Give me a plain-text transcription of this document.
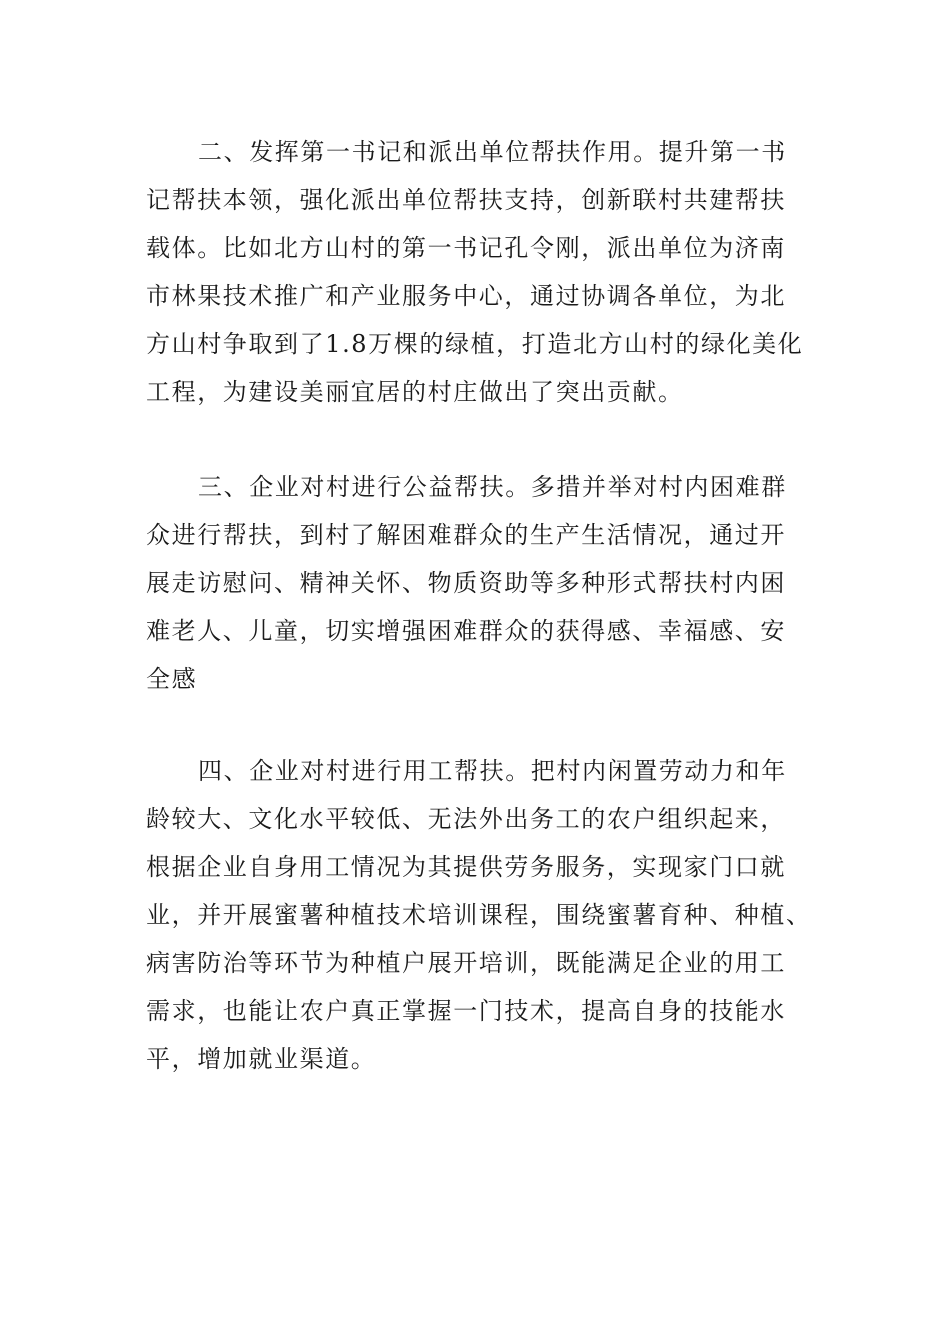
二、发挥第一书记和派出单位帮扶作用。提升第一书
记帮扶本领，强化派出单位帮扶支持，创新联村共建帮扶
载体。比如北方山村的第一书记孔令刚，派出单位为济南
市林果技术推广和产业服务中心，通过协调各单位，为北
方山村争取到了1.8万棵的绿植，打造北方山村的绿化美化
工程，为建设美丽宜居的村庄做出了突出贡献。
三、企业对村进行公益帮扶。多措并举对村内困难群
众进行帮扶，到村了解困难群众的生产生活情况，通过开
展走访慰问、精神关怀、物质资助等多种形式帮扶村内困
难老人、儿童，切实增强困难群众的获得感、幸福感、安
全感
四、企业对村进行用工帮扶。把村内闲置劳动力和年
龄较大、文化水平较低、无法外出务工的农户组织起来，
根据企业自身用工情况为其提供劳务服务，实现家门口就
业，并开展蜜薯种植技术培训课程，围绕蜜薯育种、种植、
病害防治等环节为种植户展开培训，既能满足企业的用工
需求，也能让农户真正掌握一门技术，提高自身的技能水
平，增加就业渠道。
